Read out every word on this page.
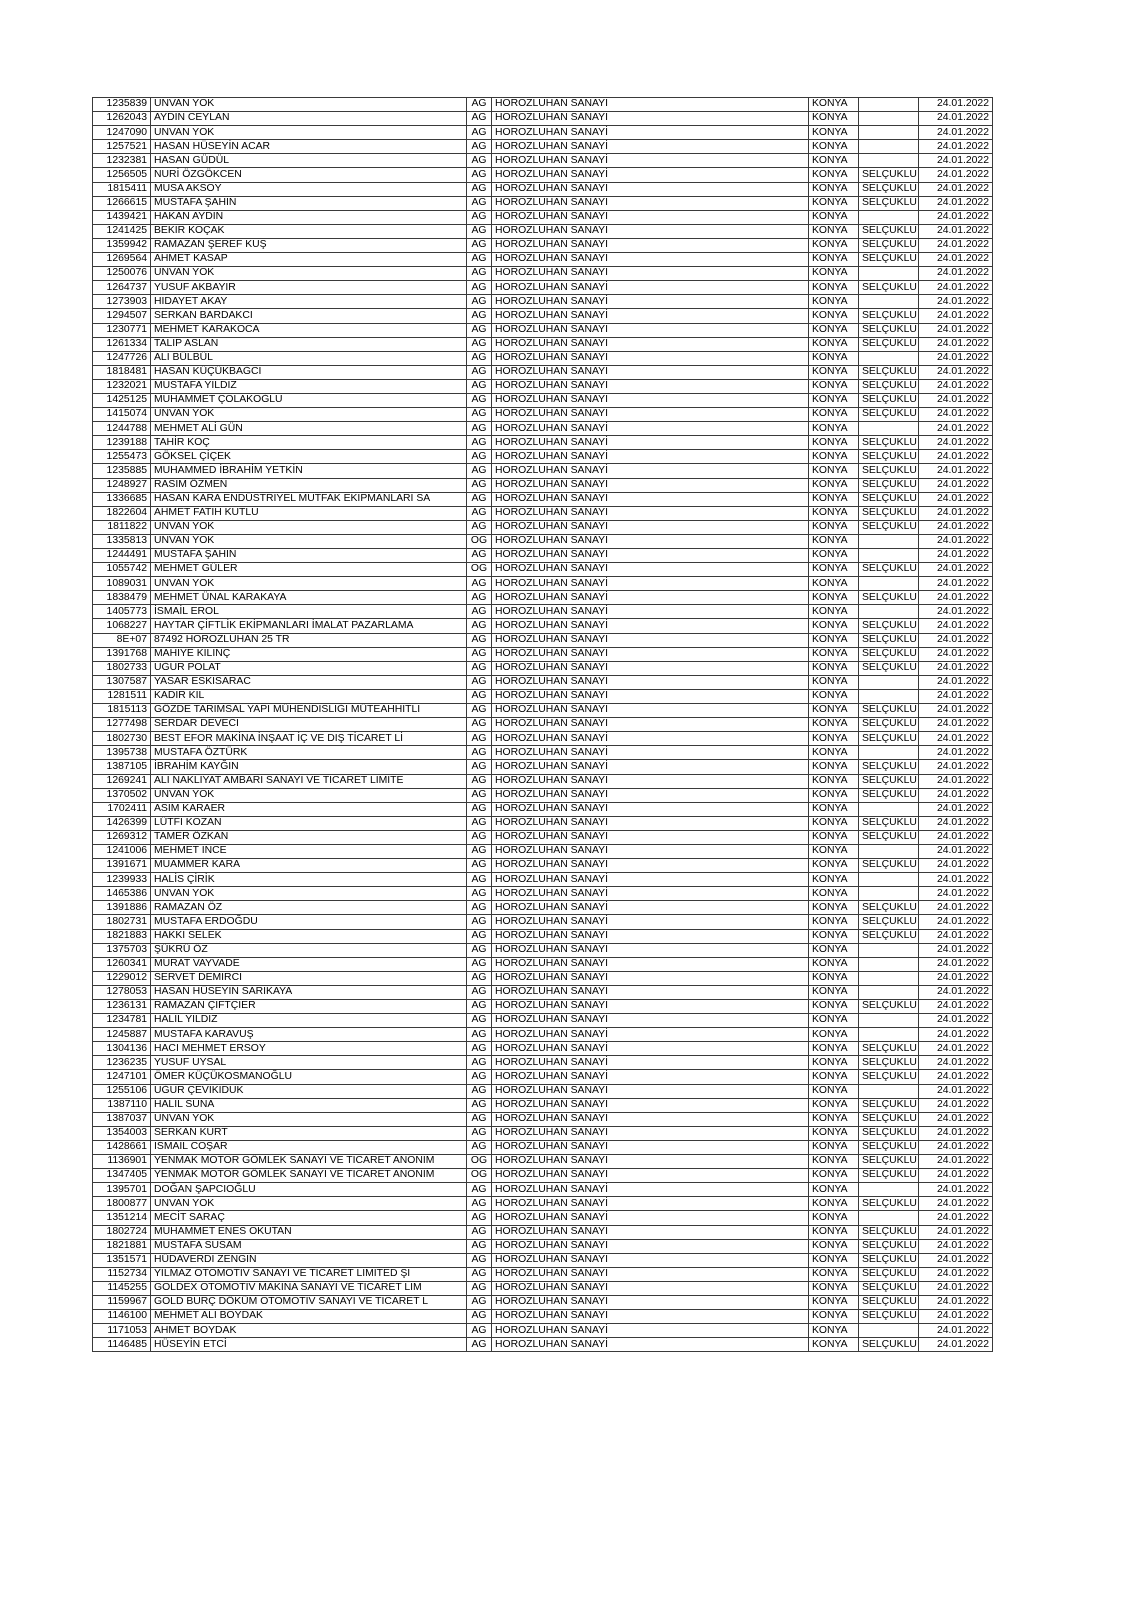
1235839	UNVAN YOK	AG	HOROZLUHAN SANAYİ	KONYA		24.01.2022
1262043	AYDIN CEYLAN	AG	HOROZLUHAN SANAYİ	KONYA		24.01.2022
1247090	UNVAN YOK	AG	HOROZLUHAN SANAYİ	KONYA		24.01.2022
1257521	HASAN HÜSEYİN ACAR	AG	HOROZLUHAN SANAYİ	KONYA		24.01.2022
1232381	HASAN GÜDÜL	AG	HOROZLUHAN SANAYİ	KONYA		24.01.2022
1256505	NURİ ÖZGÖKCEN	AG	HOROZLUHAN SANAYİ	KONYA	SELÇUKLU	24.01.2022
1815411	MUSA AKSOY	AG	HOROZLUHAN SANAYİ	KONYA	SELÇUKLU	24.01.2022
1266615	MUSTAFA ŞAHİN	AG	HOROZLUHAN SANAYİ	KONYA	SELÇUKLU	24.01.2022
1439421	HAKAN AYDIN	AG	HOROZLUHAN SANAYİ	KONYA		24.01.2022
1241425	BEKİR KOÇAK	AG	HOROZLUHAN SANAYİ	KONYA	SELÇUKLU	24.01.2022
1359942	RAMAZAN ŞEREF KUŞ	AG	HOROZLUHAN SANAYİ	KONYA	SELÇUKLU	24.01.2022
1269564	AHMET KASAP	AG	HOROZLUHAN SANAYİ	KONYA	SELÇUKLU	24.01.2022
1250076	UNVAN YOK	AG	HOROZLUHAN SANAYİ	KONYA		24.01.2022
1264737	YUSUF AKBAYIR	AG	HOROZLUHAN SANAYİ	KONYA	SELÇUKLU	24.01.2022
1273903	HIDAYET AKAY	AG	HOROZLUHAN SANAYİ	KONYA		24.01.2022
1294507	SERKAN BARDAKCI	AG	HOROZLUHAN SANAYİ	KONYA	SELÇUKLU	24.01.2022
1230771	MEHMET KARAKOCA	AG	HOROZLUHAN SANAYİ	KONYA	SELÇUKLU	24.01.2022
1261334	TALİP ASLAN	AG	HOROZLUHAN SANAYİ	KONYA	SELÇUKLU	24.01.2022
1247726	ALİ BÜLBÜL	AG	HOROZLUHAN SANAYİ	KONYA		24.01.2022
1818481	HASAN KÜÇÜKBAĞCI	AG	HOROZLUHAN SANAYİ	KONYA	SELÇUKLU	24.01.2022
1232021	MUSTAFA YILDIZ	AG	HOROZLUHAN SANAYİ	KONYA	SELÇUKLU	24.01.2022
1425125	MUHAMMET ÇOLAKOĞLU	AG	HOROZLUHAN SANAYİ	KONYA	SELÇUKLU	24.01.2022
1415074	UNVAN YOK	AG	HOROZLUHAN SANAYİ	KONYA	SELÇUKLU	24.01.2022
1244788	MEHMET ALİ GÜN	AG	HOROZLUHAN SANAYİ	KONYA		24.01.2022
1239188	TAHİR KOÇ	AG	HOROZLUHAN SANAYİ	KONYA	SELÇUKLU	24.01.2022
1255473	GÖKSEL ÇİÇEK	AG	HOROZLUHAN SANAYİ	KONYA	SELÇUKLU	24.01.2022
1235885	MUHAMMED İBRAHİM YETKİN	AG	HOROZLUHAN SANAYİ	KONYA	SELÇUKLU	24.01.2022
1248927	RASİM ÖZMEN	AG	HOROZLUHAN SANAYİ	KONYA	SELÇUKLU	24.01.2022
1336685	HASAN KARA ENDÜSTRİYEL MUTFAK EKİPMANLARI SA	AG	HOROZLUHAN SANAYİ	KONYA	SELÇUKLU	24.01.2022
1822604	AHMET FATİH KUTLU	AG	HOROZLUHAN SANAYİ	KONYA	SELÇUKLU	24.01.2022
1811822	UNVAN YOK	AG	HOROZLUHAN SANAYİ	KONYA	SELÇUKLU	24.01.2022
1335813	UNVAN YOK	OG	HOROZLUHAN SANAYİ	KONYA		24.01.2022
1244491	MUSTAFA ŞAHİN	AG	HOROZLUHAN SANAYİ	KONYA		24.01.2022
1055742	MEHMET GÜLER	OG	HOROZLUHAN SANAYİ	KONYA	SELÇUKLU	24.01.2022
1089031	UNVAN YOK	AG	HOROZLUHAN SANAYİ	KONYA		24.01.2022
1838479	MEHMET ÜNAL KARAKAYA	AG	HOROZLUHAN SANAYİ	KONYA	SELÇUKLU	24.01.2022
1405773	İSMAİL EROL	AG	HOROZLUHAN SANAYİ	KONYA		24.01.2022
1068227	HAYTAR ÇİFTLİK EKİPMANLARI İMALAT PAZARLAMA	AG	HOROZLUHAN SANAYİ	KONYA	SELÇUKLU	24.01.2022
8E+07	87492 HOROZLUHAN 25 TR	AG	HOROZLUHAN SANAYİ	KONYA	SELÇUKLU	24.01.2022
1391768	MAHİYE KILINÇ	AG	HOROZLUHAN SANAYİ	KONYA	SELÇUKLU	24.01.2022
1802733	UĞUR POLAT	AG	HOROZLUHAN SANAYİ	KONYA	SELÇUKLU	24.01.2022
1307587	YASAR ESKISARAC	AG	HOROZLUHAN SANAYİ	KONYA		24.01.2022
1281511	KADİR KIL	AG	HOROZLUHAN SANAYİ	KONYA		24.01.2022
1815113	GÖZDE TARIMSAL YAPI MÜHENDİSLİĞİ MÜTEAHHİTLİ	AG	HOROZLUHAN SANAYİ	KONYA	SELÇUKLU	24.01.2022
1277498	SERDAR DEVECİ	AG	HOROZLUHAN SANAYİ	KONYA	SELÇUKLU	24.01.2022
1802730	BEST EFOR MAKİNA İNŞAAT İÇ VE DIŞ TİCARET Lİ	AG	HOROZLUHAN SANAYİ	KONYA	SELÇUKLU	24.01.2022
1395738	MUSTAFA ÖZTÜRK	AG	HOROZLUHAN SANAYİ	KONYA		24.01.2022
1387105	İBRAHİM KAYĞIN	AG	HOROZLUHAN SANAYİ	KONYA	SELÇUKLU	24.01.2022
1269241	ALİ NAKLİYAT AMBARI SANAYİ VE TİCARET LİMİTE	AG	HOROZLUHAN SANAYİ	KONYA	SELÇUKLU	24.01.2022
1370502	UNVAN YOK	AG	HOROZLUHAN SANAYİ	KONYA	SELÇUKLU	24.01.2022
1702411	ASİM KARAER	AG	HOROZLUHAN SANAYİ	KONYA		24.01.2022
1426399	LÜTFİ KOZAN	AG	HOROZLUHAN SANAYİ	KONYA	SELÇUKLU	24.01.2022
1269312	TAMER ÖZKAN	AG	HOROZLUHAN SANAYİ	KONYA	SELÇUKLU	24.01.2022
1241006	MEHMET İNCE	AG	HOROZLUHAN SANAYİ	KONYA		24.01.2022
1391671	MUAMMER KARA	AG	HOROZLUHAN SANAYİ	KONYA	SELÇUKLU	24.01.2022
1239933	HALİS ÇİRİK	AG	HOROZLUHAN SANAYİ	KONYA		24.01.2022
1465386	UNVAN YOK	AG	HOROZLUHAN SANAYİ	KONYA		24.01.2022
1391886	RAMAZAN ÖZ	AG	HOROZLUHAN SANAYİ	KONYA	SELÇUKLU	24.01.2022
1802731	MUSTAFA ERDOĞDU	AG	HOROZLUHAN SANAYİ	KONYA	SELÇUKLU	24.01.2022
1821883	HAKKI SELEK	AG	HOROZLUHAN SANAYİ	KONYA	SELÇUKLU	24.01.2022
1375703	ŞÜKRÜ ÖZ	AG	HOROZLUHAN SANAYİ	KONYA		24.01.2022
1260341	MURAT VAYVADE	AG	HOROZLUHAN SANAYİ	KONYA		24.01.2022
1229012	SERVET DEMİRCİ	AG	HOROZLUHAN SANAYİ	KONYA		24.01.2022
1278053	HASAN HÜSEYİN SARIKAYA	AG	HOROZLUHAN SANAYİ	KONYA		24.01.2022
1236131	RAMAZAN ÇİFTÇİER	AG	HOROZLUHAN SANAYİ	KONYA	SELÇUKLU	24.01.2022
1234781	HALIL YILDIZ	AG	HOROZLUHAN SANAYİ	KONYA		24.01.2022
1245887	MUSTAFA KARAVUŞ	AG	HOROZLUHAN SANAYİ	KONYA		24.01.2022
1304136	HACI MEHMET ERSOY	AG	HOROZLUHAN SANAYİ	KONYA	SELÇUKLU	24.01.2022
1236235	YUSUF UYSAL	AG	HOROZLUHAN SANAYİ	KONYA	SELÇUKLU	24.01.2022
1247101	ÖMER KÜÇÜKOSMANOĞLU	AG	HOROZLUHAN SANAYİ	KONYA	SELÇUKLU	24.01.2022
1255106	UĞUR ÇEVİKİDUK	AG	HOROZLUHAN SANAYİ	KONYA		24.01.2022
1387110	HALİL SUNA	AG	HOROZLUHAN SANAYİ	KONYA	SELÇUKLU	24.01.2022
1387037	UNVAN YOK	AG	HOROZLUHAN SANAYİ	KONYA	SELÇUKLU	24.01.2022
1354003	SERKAN KURT	AG	HOROZLUHAN SANAYİ	KONYA	SELÇUKLU	24.01.2022
1428661	İSMAİL COŞAR	AG	HOROZLUHAN SANAYİ	KONYA	SELÇUKLU	24.01.2022
1136901	YENMAK MOTOR GÖMLEK SANAYİ VE TİCARET ANONİM	OG	HOROZLUHAN SANAYİ	KONYA	SELÇUKLU	24.01.2022
1347405	YENMAK MOTOR GÖMLEK SANAYİ VE TİCARET ANONİM	OG	HOROZLUHAN SANAYİ	KONYA	SELÇUKLU	24.01.2022
1395701	DOĞAN ŞAPCIOĞLU	AG	HOROZLUHAN SANAYİ	KONYA		24.01.2022
1800877	UNVAN YOK	AG	HOROZLUHAN SANAYİ	KONYA	SELÇUKLU	24.01.2022
1351214	MECİT SARAÇ	AG	HOROZLUHAN SANAYİ	KONYA		24.01.2022
1802724	MUHAMMET ENES OKUTAN	AG	HOROZLUHAN SANAYİ	KONYA	SELÇUKLU	24.01.2022
1821881	MUSTAFA SUSAM	AG	HOROZLUHAN SANAYİ	KONYA	SELÇUKLU	24.01.2022
1351571	HÜDAVERDİ ZENGİN	AG	HOROZLUHAN SANAYİ	KONYA	SELÇUKLU	24.01.2022
1152734	YILMAZ OTOMOTİV SANAYİ VE TİCARET LİMİTED Şİ	AG	HOROZLUHAN SANAYİ	KONYA	SELÇUKLU	24.01.2022
1145255	GOLDEX OTOMOTİV MAKİNA SANAYİ VE TİCARET LİM	AG	HOROZLUHAN SANAYİ	KONYA	SELÇUKLU	24.01.2022
1159967	GOLD BURÇ DÖKÜM OTOMOTİV SANAYİ VE TİCARET L	AG	HOROZLUHAN SANAYİ	KONYA	SELÇUKLU	24.01.2022
1146100	MEHMET ALİ BOYDAK	AG	HOROZLUHAN SANAYİ	KONYA	SELÇUKLU	24.01.2022
1171053	AHMET BOYDAK	AG	HOROZLUHAN SANAYİ	KONYA		24.01.2022
1146485	HÜSEYİN ETCİ	AG	HOROZLUHAN SANAYİ	KONYA	SELÇUKLU	24.01.2022
